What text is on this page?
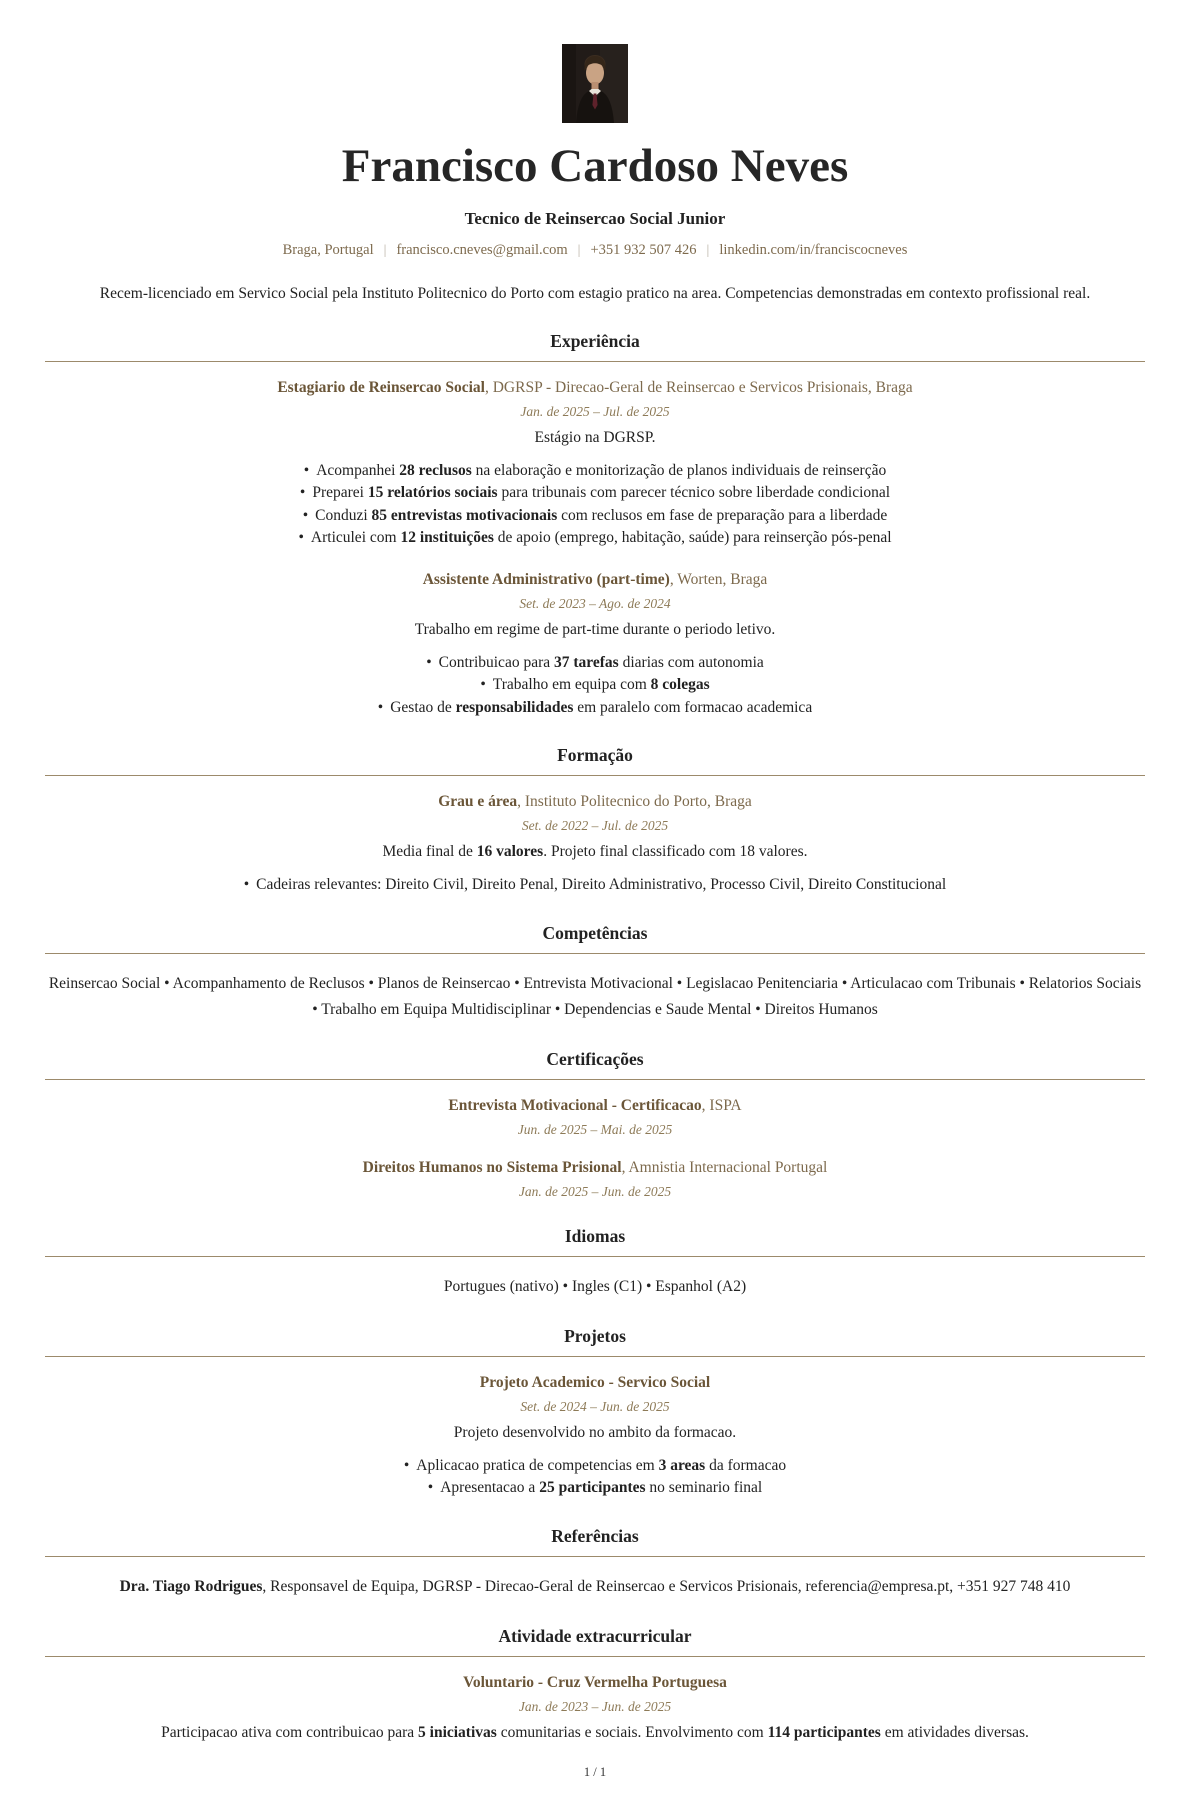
Francisco Cardoso Neves
Tecnico de Reinsercao Social Junior
Braga, Portugal | francisco.cneves@gmail.com | +351 932 507 426 | linkedin.com/in/franciscocneves

Recem-licenciado em Servico Social pela Instituto Politecnico do Porto com estagio pratico na area. Competencias demonstradas em contexto profissional real.

Experiência

Estagiario de Reinsercao Social, DGRSP - Direcao-Geral de Reinsercao e Servicos Prisionais, Braga

Jan. de 2025 – Jul. de 2025

Estágio na DGRSP.

• Acompanhei 28 reclusos na elaboração e monitorização de planos individuais de reinserção
• Preparei 15 relatórios sociais para tribunais com parecer técnico sobre liberdade condicional
• Conduzi 85 entrevistas motivacionais com reclusos em fase de preparação para a liberdade
• Articulei com 12 instituições de apoio (emprego, habitação, saúde) para reinserção pós-penal

Assistente Administrativo (part-time), Worten, Braga

Set. de 2023 – Ago. de 2024

Trabalho em regime de part-time durante o periodo letivo.

• Contribuicao para 37 tarefas diarias com autonomia
• Trabalho em equipa com 8 colegas
• Gestao de responsabilidades em paralelo com formacao academica
Formação

Grau e área, Instituto Politecnico do Porto, Braga

Set. de 2022 – Jul. de 2025

Media final de 16 valores. Projeto final classificado com 18 valores.

• Cadeiras relevantes: Direito Civil, Direito Penal, Direito Administrativo, Processo Civil, Direito Constitucional
Competências

Reinsercao Social • Acompanhamento de Reclusos • Planos de Reinsercao • Entrevista Motivacional • Legislacao Penitenciaria • Articulacao com Tribunais • Relatorios Sociais • Trabalho em Equipa Multidisciplinar • Dependencias e Saude Mental • Direitos Humanos

Certificações

Entrevista Motivacional - Certificacao, ISPA

Jun. de 2025 – Mai. de 2025

Direitos Humanos no Sistema Prisional, Amnistia Internacional Portugal

Jan. de 2025 – Jun. de 2025

Idiomas

Portugues (nativo) • Ingles (C1) • Espanhol (A2)

Projetos

Projeto Academico - Servico Social

Set. de 2024 – Jun. de 2025

Projeto desenvolvido no ambito da formacao.

• Aplicacao pratica de competencias em 3 areas da formacao
• Apresentacao a 25 participantes no seminario final
Referências

Dra. Tiago Rodrigues, Responsavel de Equipa, DGRSP - Direcao-Geral de Reinsercao e Servicos Prisionais, referencia@empresa.pt, +351 927 748 410

Atividade extracurricular

Voluntario - Cruz Vermelha Portuguesa

Jan. de 2023 – Jun. de 2025

Participacao ativa com contribuicao para 5 iniciativas comunitarias e sociais. Envolvimento com 114 participantes em atividades diversas.

1 / 1
